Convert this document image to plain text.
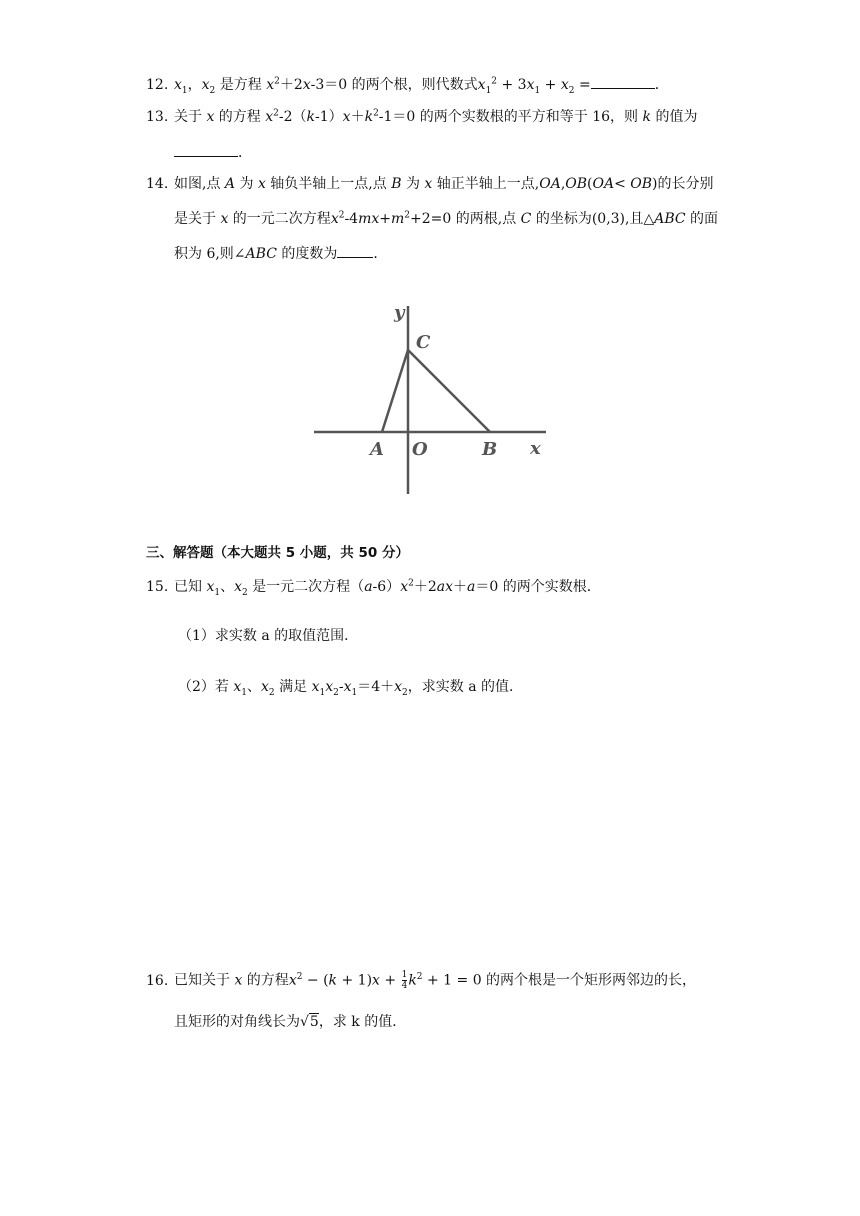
12. $x_1$，$x_2$ 是方程 $x^2+2x-3=0$ 的两个根，则代数式$x_1^2 + 3x_1 + x_2$ =	．
13. 关于 x 的方程 $x^2-2(k-1)x+k^2-1=0$ 的两个实数根的平方和等于 16，则 k 的值为
．
14. 如图,点 A 为 x 轴负半轴上一点,点 B 为 x 轴正半轴上一点,OA,OB(OA< OB)的长分别
是关于 x 的一元二次方程$x^2-4mx+m^2+2=0$ 的两根,点 C 的坐标为(0,3),且△ABC 的面
积为 6,则∠ABC 的度数为	．
y
C
A O	B x
三、解答题（本大题共 5 小题，共 50 分）
15. 已知 $x_1$、$x_2$ 是一元二次方程$(a-6)x^2+2ax+a=0$ 的两个实数根．
（1）求实数 a 的取值范围．
（2）若 $x_1$、$x_2$ 满足 $x_1x_2-x_1=4+x_2$，求实数 a 的值．
16. 已知关于 x 的方程$x^2 - (k + 1)x + \frac{1}{4} k^2 + 1 = 0$ 的两个根是一个矩形两邻边的长，
且矩形的对角线长为√5，求 k 的值．
